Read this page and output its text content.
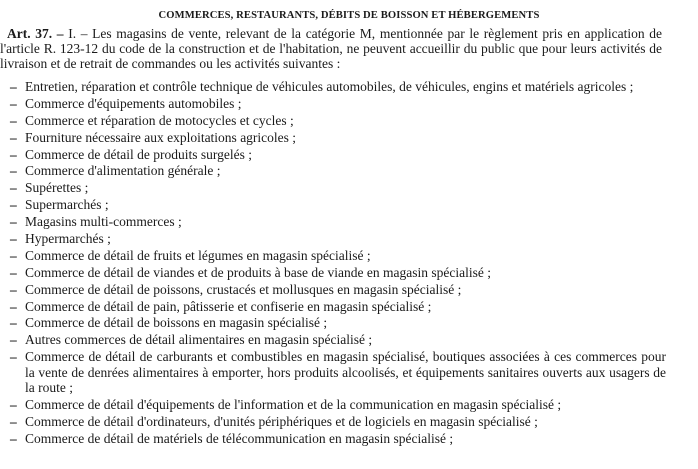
COMMERCES, RESTAURANTS, DÉBITS DE BOISSON ET HÉBERGEMENTS
Art. 37. – I. – Les magasins de vente, relevant de la catégorie M, mentionnée par le règlement pris en application de l'article R. 123-12 du code de la construction et de l'habitation, ne peuvent accueillir du public que pour leurs activités de livraison et de retrait de commandes ou les activités suivantes :
– Entretien, réparation et contrôle technique de véhicules automobiles, de véhicules, engins et matériels agricoles ;
– Commerce d'équipements automobiles ;
– Commerce et réparation de motocycles et cycles ;
– Fourniture nécessaire aux exploitations agricoles ;
– Commerce de détail de produits surgelés ;
– Commerce d'alimentation générale ;
– Supérettes ;
– Supermarchés ;
– Magasins multi-commerces ;
– Hypermarchés ;
– Commerce de détail de fruits et légumes en magasin spécialisé ;
– Commerce de détail de viandes et de produits à base de viande en magasin spécialisé ;
– Commerce de détail de poissons, crustacés et mollusques en magasin spécialisé ;
– Commerce de détail de pain, pâtisserie et confiserie en magasin spécialisé ;
– Commerce de détail de boissons en magasin spécialisé ;
– Autres commerces de détail alimentaires en magasin spécialisé ;
– Commerce de détail de carburants et combustibles en magasin spécialisé, boutiques associées à ces commerces pour la vente de denrées alimentaires à emporter, hors produits alcoolisés, et équipements sanitaires ouverts aux usagers de la route ;
– Commerce de détail d'équipements de l'information et de la communication en magasin spécialisé ;
– Commerce de détail d'ordinateurs, d'unités périphériques et de logiciels en magasin spécialisé ;
– Commerce de détail de matériels de télécommunication en magasin spécialisé ;
